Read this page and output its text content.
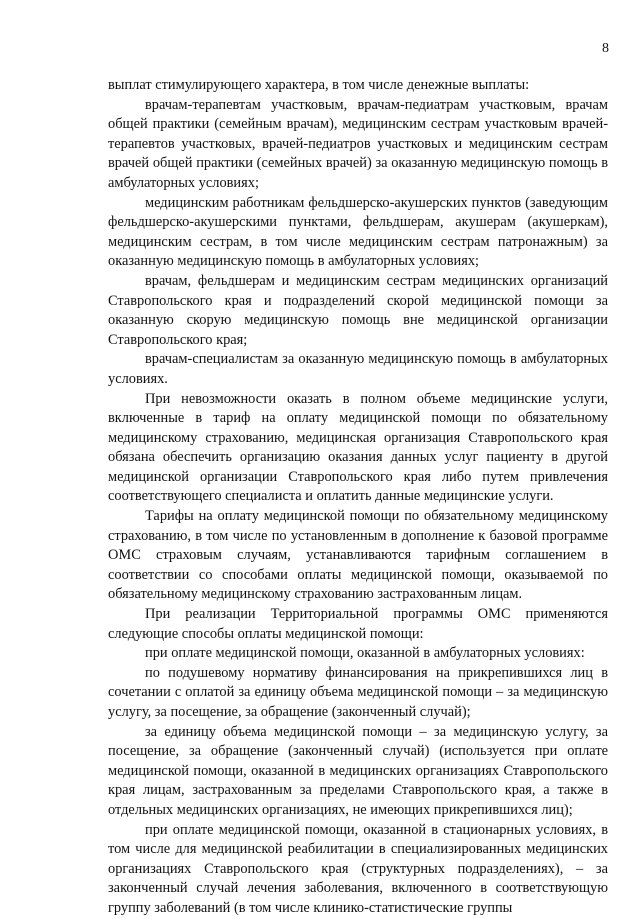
8

выплат стимулирующего характера, в том числе денежные выплаты:

врачам-терапевтам участковым, врачам-педиатрам участковым, врачам общей практики (семейным врачам), медицинским сестрам участковым врачей-терапевтов участковых, врачей-педиатров участковых и медицинским сестрам врачей общей практики (семейных врачей) за оказанную медицинскую помощь в амбулаторных условиях;

медицинским работникам фельдшерско-акушерских пунктов (заведующим фельдшерско-акушерскими пунктами, фельдшерам, акушерам (акушеркам), медицинским сестрам, в том числе медицинским сестрам патронажным) за оказанную медицинскую помощь в амбулаторных условиях;

врачам, фельдшерам и медицинским сестрам медицинских организаций Ставропольского края и подразделений скорой медицинской помощи за оказанную скорую медицинскую помощь вне медицинской организации Ставропольского края;

врачам-специалистам за оказанную медицинскую помощь в амбулаторных условиях.

При невозможности оказать в полном объеме медицинские услуги, включенные в тариф на оплату медицинской помощи по обязательному медицинскому страхованию, медицинская организация Ставропольского края обязана обеспечить организацию оказания данных услуг пациенту в другой медицинской организации Ставропольского края либо путем привлечения соответствующего специалиста и оплатить данные медицинские услуги.

Тарифы на оплату медицинской помощи по обязательному медицинскому страхованию, в том числе по установленным в дополнение к базовой программе ОМС страховым случаям, устанавливаются тарифным соглашением в соответствии со способами оплаты медицинской помощи, оказываемой по обязательному медицинскому страхованию застрахованным лицам.

При реализации Территориальной программы ОМС применяются следующие способы оплаты медицинской помощи:

при оплате медицинской помощи, оказанной в амбулаторных условиях:

по подушевому нормативу финансирования на прикрепившихся лиц в сочетании с оплатой за единицу объема медицинской помощи – за медицинскую услугу, за посещение, за обращение (законченный случай);

за единицу объема медицинской помощи – за медицинскую услугу, за посещение, за обращение (законченный случай) (используется при оплате медицинской помощи, оказанной в медицинских организациях Ставропольского края лицам, застрахованным за пределами Ставропольского края, а также в отдельных медицинских организациях, не имеющих прикрепившихся лиц);

при оплате медицинской помощи, оказанной в стационарных условиях, в том числе для медицинской реабилитации в специализированных медицинских организациях Ставропольского края (структурных подразделениях), – за законченный случай лечения заболевания, включенного в соответствующую группу заболеваний (в том числе клинико-статистические группы
